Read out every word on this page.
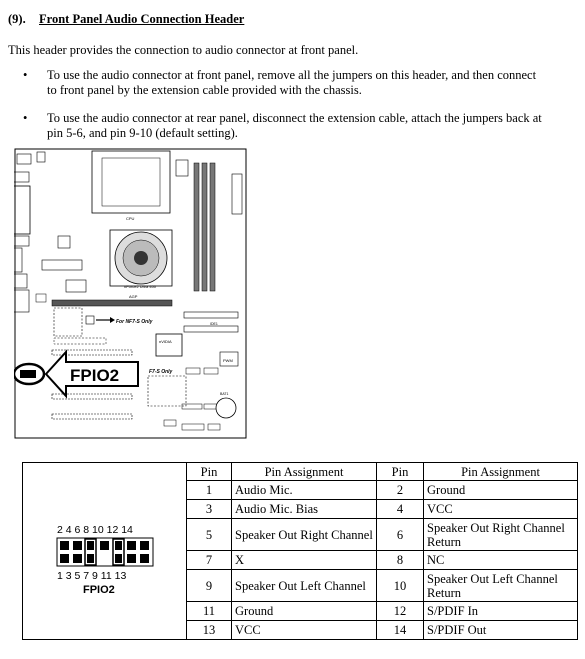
(9). Front Panel Audio Connection Header
This header provides the connection to audio connector at front panel.
• To use the audio connector at front panel, remove all the jumpers on this header, and then connect
to front panel by the extension cable provided with the chassis.
• To use the audio connector at rear panel, disconnect the extension cable, attach the jumpers back at
pin 5-6, and pin 9-10 (default setting).
CPU
nForce2 Ultra 400
AGP
IDE1
For NF7-S Only
nVIDIA
PWM
F7-S Only
BAT1
FPIO2
2 4 6 8 10 12 14
1 3 5 7 9 11 13
FPIO2	Pin	Pin Assignment	Pin	Pin Assignment
	1	Audio Mic.	2	Ground
	3	Audio Mic. Bias	4	VCC
	5	Speaker Out Right Channel	6	Speaker Out Right Channel Return
	7	X	8	NC
	9	Speaker Out Left Channel	10	Speaker Out Left Channel Return
	11	Ground	12	S/PDIF In
	13	VCC	14	S/PDIF Out
